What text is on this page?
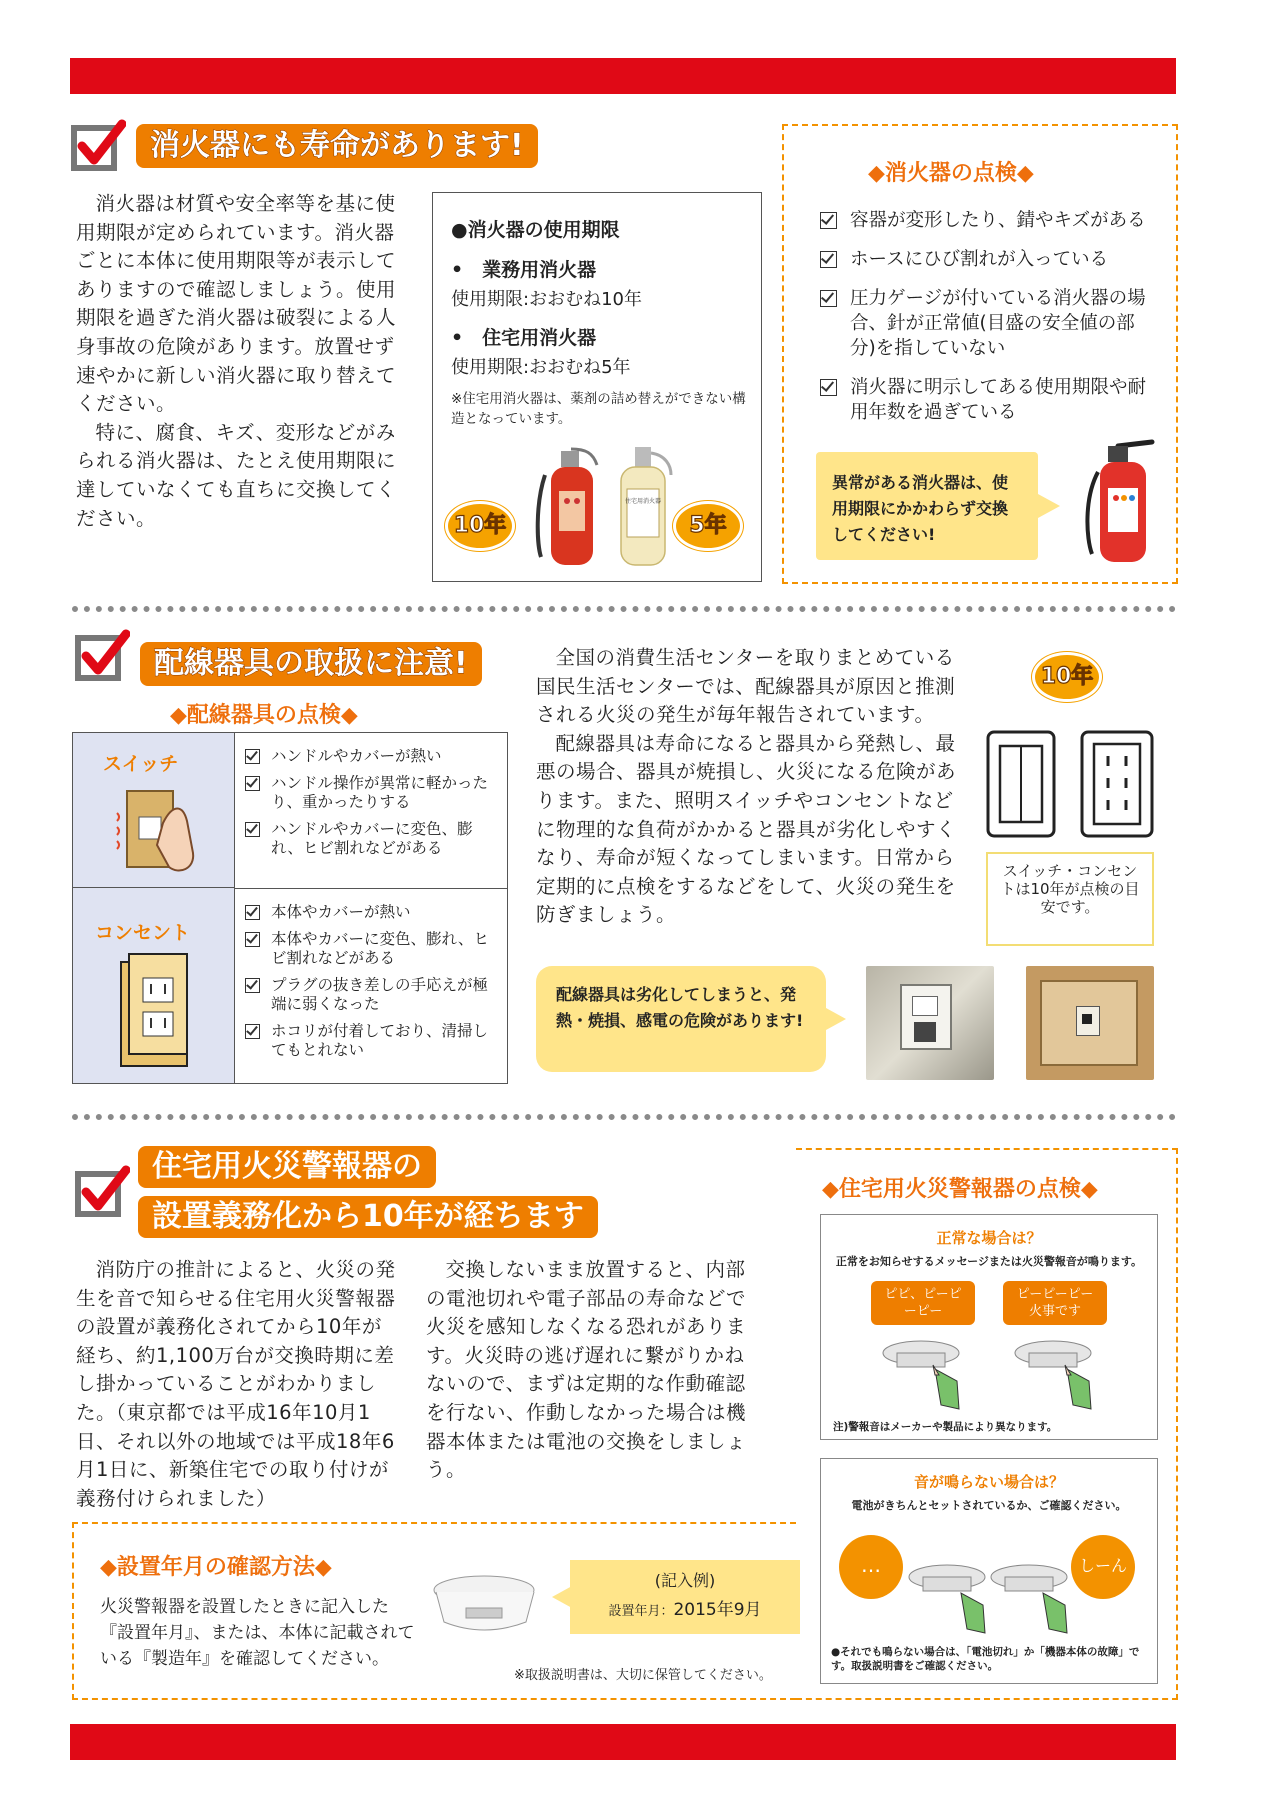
消火器にも寿命があります!

消火器は材質や安全率等を基に使用期限が定められています。消火器ごとに本体に使用期限等が表示してありますので確認しましょう。使用期限を過ぎた消火器は破裂による人身事故の危険があります。放置せず速やかに新しい消火器に取り替えてください。

特に、腐食、キズ、変形などがみられる消火器は、たとえ使用期限に達していなくても直ちに交換してください。

●消火器の使用期限
•　業務用消火器
使用期限:おおむね10年
•　住宅用消火器
使用期限:おおむね5年
※住宅用消火器は、薬剤の詰め替えができない構造となっています。
住宅用消火器
10年	5年
◆消火器の点検◆
容器が変形したり、錆やキズがある
ホースにひび割れが入っている
圧力ゲージが付いている消火器の場合、針が正常値(目盛の安全値の部分)を指していない
消火器に明示してある使用期限や耐用年数を過ぎている
異常がある消火器は、使用期限にかかわらず交換してください!
配線器具の取扱に注意!
◆配線器具の点検◆
スイッチ
コンセント
ハンドルやカバーが熱い
ハンドル操作が異常に軽かったり、重かったりする
ハンドルやカバーに変色、膨れ、ヒビ割れなどがある
本体やカバーが熱い
本体やカバーに変色、膨れ、ヒビ割れなどがある
プラグの抜き差しの手応えが極端に弱くなった
ホコリが付着しており、清掃してもとれない

全国の消費生活センターを取りまとめている国民生活センターでは、配線器具が原因と推測される火災の発生が毎年報告されています。

配線器具は寿命になると器具から発熱し、最悪の場合、器具が焼損し、火災になる危険があります。また、照明スイッチやコンセントなどに物理的な負荷がかかると器具が劣化しやすくなり、寿命が短くなってしまいます。日常から定期的に点検をするなどをして、火災の発生を防ぎましょう。

10年
スイッチ・コンセントは10年が点検の目安です。
配線器具は劣化してしまうと、発熱・焼損、感電の危険があります!
住宅用火災警報器の
設置義務化から10年が経ちます

消防庁の推計によると、火災の発生を音で知らせる住宅用火災警報器の設置が義務化されてから10年が経ち、約1,100万台が交換時期に差し掛かっていることがわかりました。（東京都では平成16年10月1日、それ以外の地域では平成18年6月1日に、新築住宅での取り付けが義務付けられました）

交換しないまま放置すると、内部の電池切れや電子部品の寿命などで火災を感知しなくなる恐れがあります。火災時の逃げ遅れに繋がりかねないので、まずは定期的な作動確認を行ない、作動しなかった場合は機器本体または電池の交換をしましょう。

◆住宅用火災警報器の点検◆
正常な場合は？
正常をお知らせするメッセージまたは火災警報音が鳴ります。
ピピ、ピーピーピー
ピーピーピー火事です
注)警報音はメーカーや製品により異なります。
音が鳴らない場合は？
電池がきちんとセットされているか、ご確認ください。
…	しーん
●それでも鳴らない場合は、「電池切れ」か「機器本体の故障」です。取扱説明書をご確認ください。
◆設置年月の確認方法◆
火災警報器を設置したときに記入した『設置年月』、または、本体に記載されている『製造年』を確認してください。
(記入例)
設置年月：2015年9月
※取扱説明書は、大切に保管してください。
